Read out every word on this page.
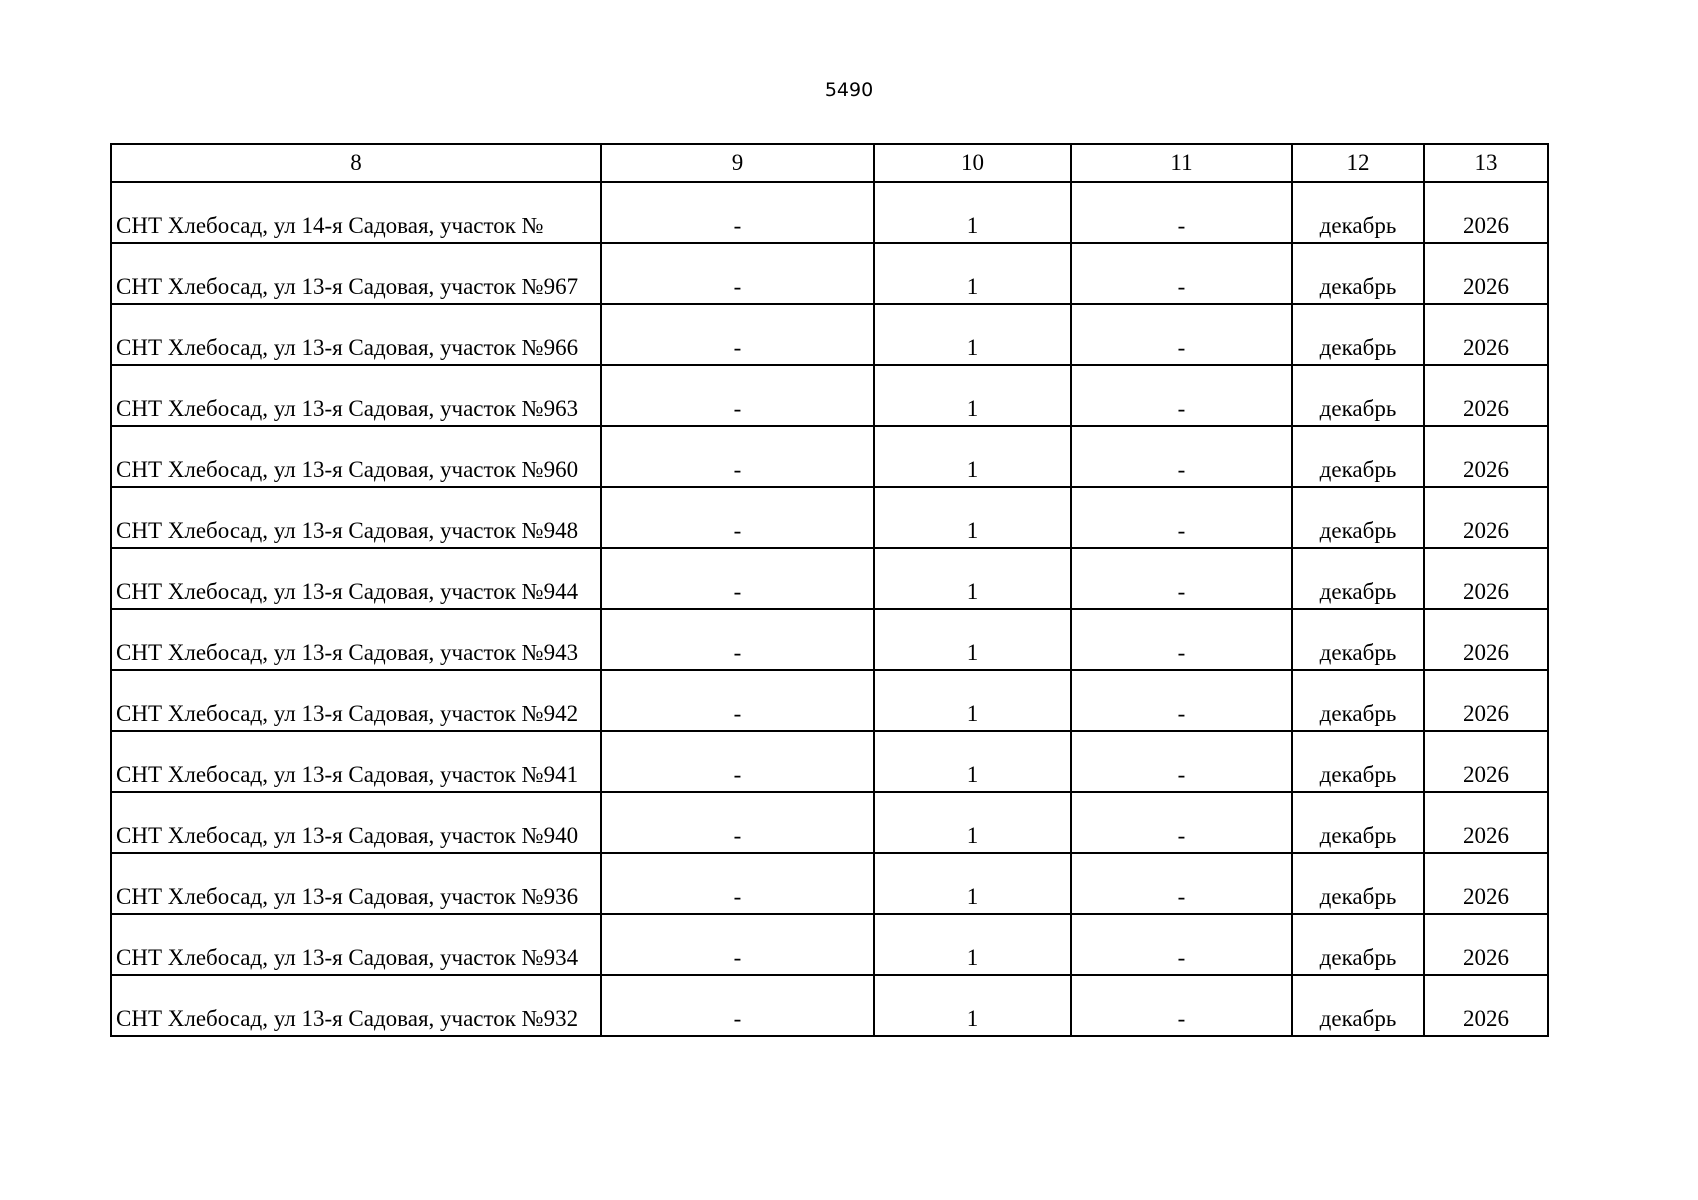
5490
8	9	10	11	12	13
СНТ Хлебосад, ул 14-я Садовая, участок №	-	1	-	декабрь	2026
СНТ Хлебосад, ул 13-я Садовая, участок №967	-	1	-	декабрь	2026
СНТ Хлебосад, ул 13-я Садовая, участок №966	-	1	-	декабрь	2026
СНТ Хлебосад, ул 13-я Садовая, участок №963	-	1	-	декабрь	2026
СНТ Хлебосад, ул 13-я Садовая, участок №960	-	1	-	декабрь	2026
СНТ Хлебосад, ул 13-я Садовая, участок №948	-	1	-	декабрь	2026
СНТ Хлебосад, ул 13-я Садовая, участок №944	-	1	-	декабрь	2026
СНТ Хлебосад, ул 13-я Садовая, участок №943	-	1	-	декабрь	2026
СНТ Хлебосад, ул 13-я Садовая, участок №942	-	1	-	декабрь	2026
СНТ Хлебосад, ул 13-я Садовая, участок №941	-	1	-	декабрь	2026
СНТ Хлебосад, ул 13-я Садовая, участок №940	-	1	-	декабрь	2026
СНТ Хлебосад, ул 13-я Садовая, участок №936	-	1	-	декабрь	2026
СНТ Хлебосад, ул 13-я Садовая, участок №934	-	1	-	декабрь	2026
СНТ Хлебосад, ул 13-я Садовая, участок №932	-	1	-	декабрь	2026
